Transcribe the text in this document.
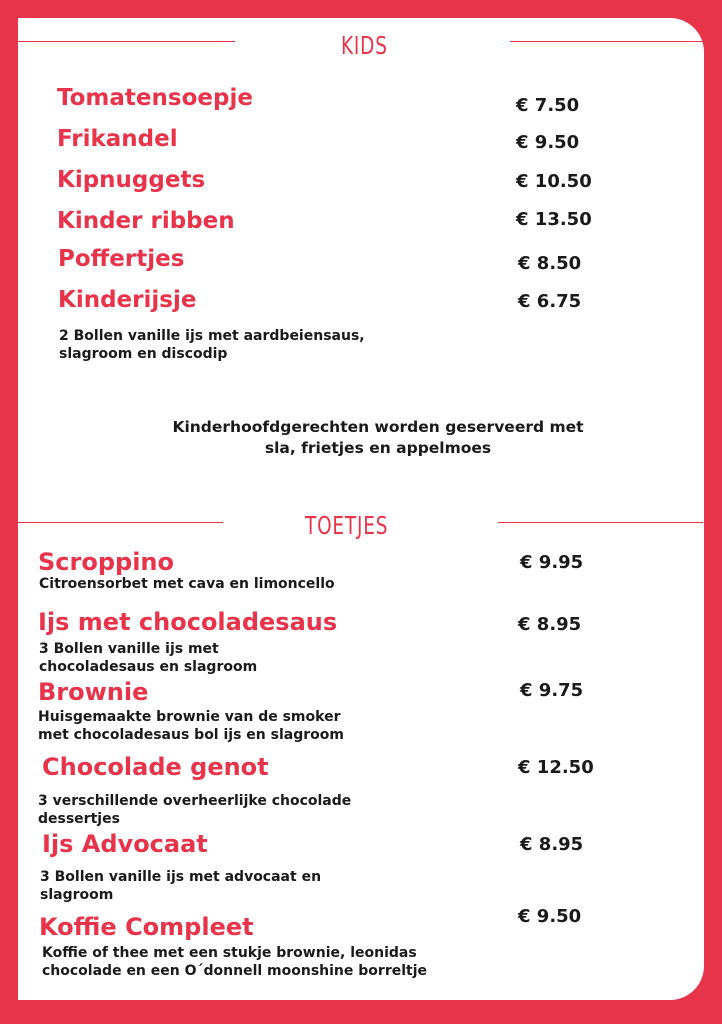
KIDS
Tomatensoepje	€ 7.50
Frikandel	€ 9.50
Kipnuggets	€ 10.50
Kinder ribben	€ 13.50
Poffertjes	€ 8.50
Kinderijsje	€ 6.75
2 Bollen vanille ijs met aardbeiensaus,
slagroom en discodip
Kinderhoofdgerechten worden geserveerd met
sla, frietjes en appelmoes
TOETJES
Scroppino	€ 9.95
Citroensorbet met cava en limoncello
Ijs met chocoladesaus	€ 8.95
3 Bollen vanille ijs met
chocoladesaus en slagroom
Brownie	€ 9.75
Huisgemaakte brownie van de smoker
met chocoladesaus bol ijs en slagroom
Chocolade genot	€ 12.50
3 verschillende overheerlijke chocolade
dessertjes
Ijs Advocaat	€ 8.95
3 Bollen vanille ijs met advocaat en
slagroom
Koffie Compleet	€ 9.50
Koffie of thee met een stukje brownie, leonidas
chocolade en een O´donnell moonshine borreltje
